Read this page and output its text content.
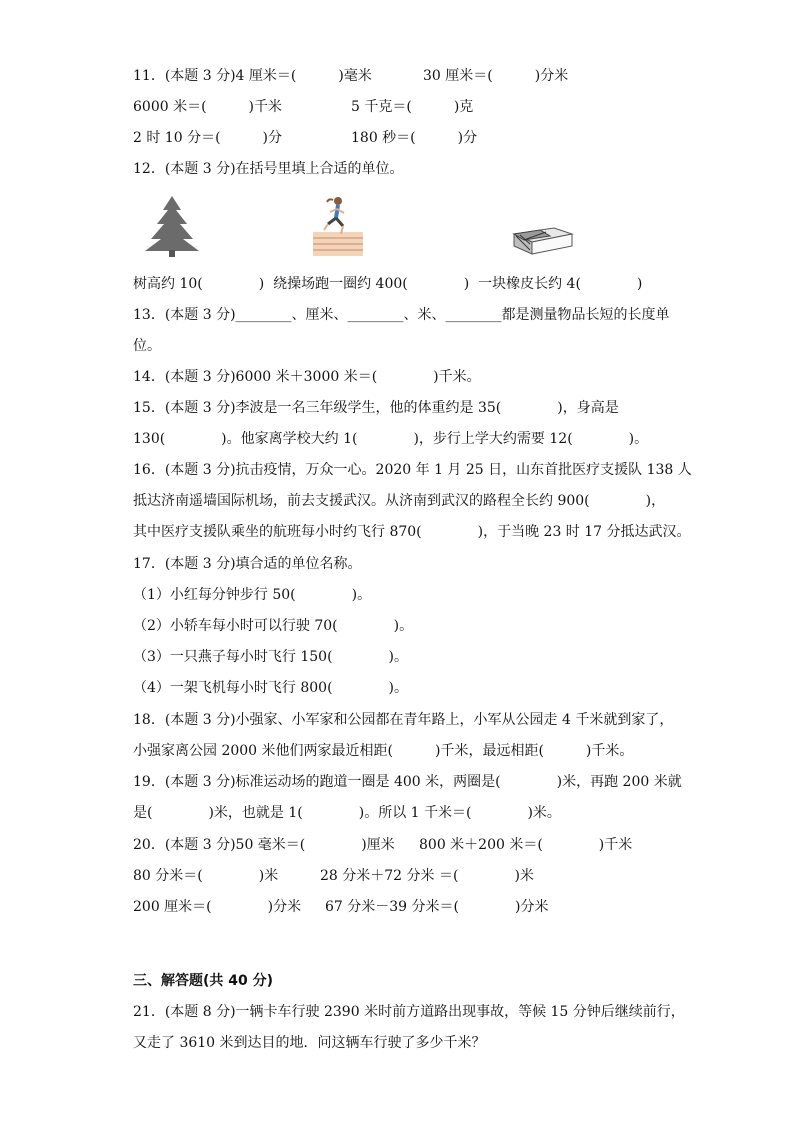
11．(本题 3 分)4 厘米＝(　　　)毫米	30 厘米＝(　　　)分米
6000 米＝(　　　)千米	5 千克＝(　　　)克
2 时 10 分＝(　　　)分	180 秒＝(　　　)分
12．(本题 3 分)在括号里填上合适的单位。
树高约 10(　　　　)  绕操场跑一圈约 400(　　　　)  一块橡皮长约 4(　　　　)
13．(本题 3 分)________、厘米、________、米、________都是测量物品长短的长度单
位。
14．(本题 3 分)6000 米＋3000 米＝(　　　　)千米。
15．(本题 3 分)李波是一名三年级学生，他的体重约是 35(　　　　)，身高是
130(　　　　)。他家离学校大约 1(　　　　)，步行上学大约需要 12(　　　　)。
16．(本题 3 分)抗击疫情，万众一心。2020 年 1 月 25 日，山东首批医疗支援队 138 人
抵达济南遥墙国际机场，前去支援武汉。从济南到武汉的路程全长约 900(　　　　)，
其中医疗支援队乘坐的航班每小时约飞行 870(　　　　)，于当晚 23 时 17 分抵达武汉。
17．(本题 3 分)填合适的单位名称。
（1）小红每分钟步行 50(　　　　)。
（2）小轿车每小时可以行驶 70(　　　　)。
（3）一只燕子每小时飞行 150(　　　　)。
（4）一架飞机每小时飞行 800(　　　　)。
18．(本题 3 分)小强家、小军家和公园都在青年路上，小军从公园走 4 千米就到家了，
小强家离公园 2000 米他们两家最近相距(　　　)千米，最远相距(　　　)千米。
19．(本题 3 分)标准运动场的跑道一圈是 400 米，两圈是(　　　　)米，再跑 200 米就
是(　　　　)米，也就是 1(　　　　)。所以 1 千米＝(　　　　)米。
20．(本题 3 分)50 毫米＝(　　　　)厘米 800 米＋200 米＝(　　　　)千米
80 分米＝(　　　　)米	28 分米＋72 分米 ＝(　　　　)米
200 厘米＝(　　　　)分米 67 分米－39 分米＝(　　　　)分米
三、解答题(共 40 分)
21．(本题 8 分)一辆卡车行驶 2390 米时前方道路出现事故，等候 15 分钟后继续前行，
又走了 3610 米到达目的地．问这辆车行驶了多少千米？
